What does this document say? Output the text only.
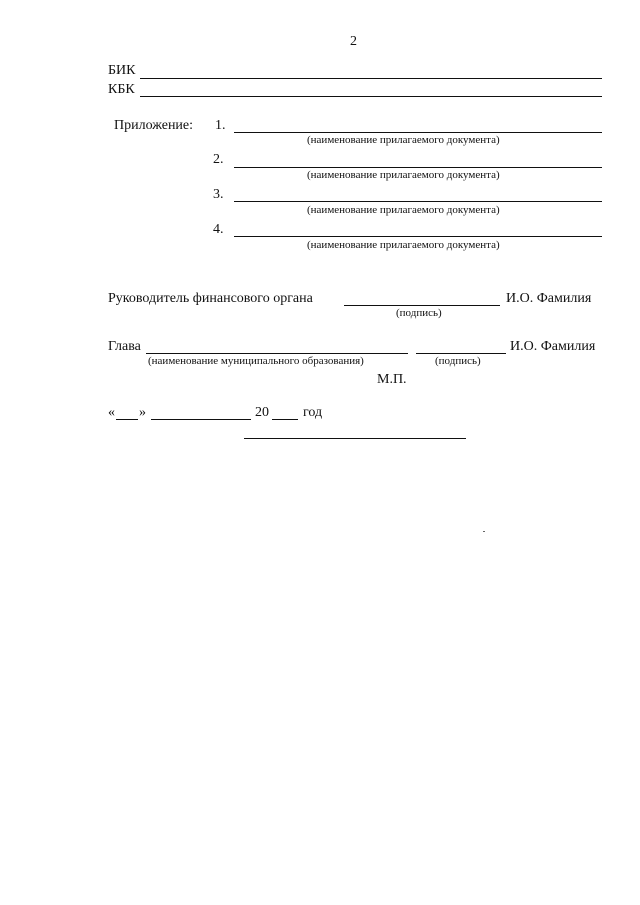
2
БИК
КБК
Приложение: 1.
(наименование прилагаемого документа)
2.
(наименование прилагаемого документа)
3.
(наименование прилагаемого документа)
4.
(наименование прилагаемого документа)
Руководитель финансового органа	И.О. Фамилия
(подпись)
Глава	И.О. Фамилия
(наименование муниципального образования)	(подпись)
М.П.
« »	20 год
